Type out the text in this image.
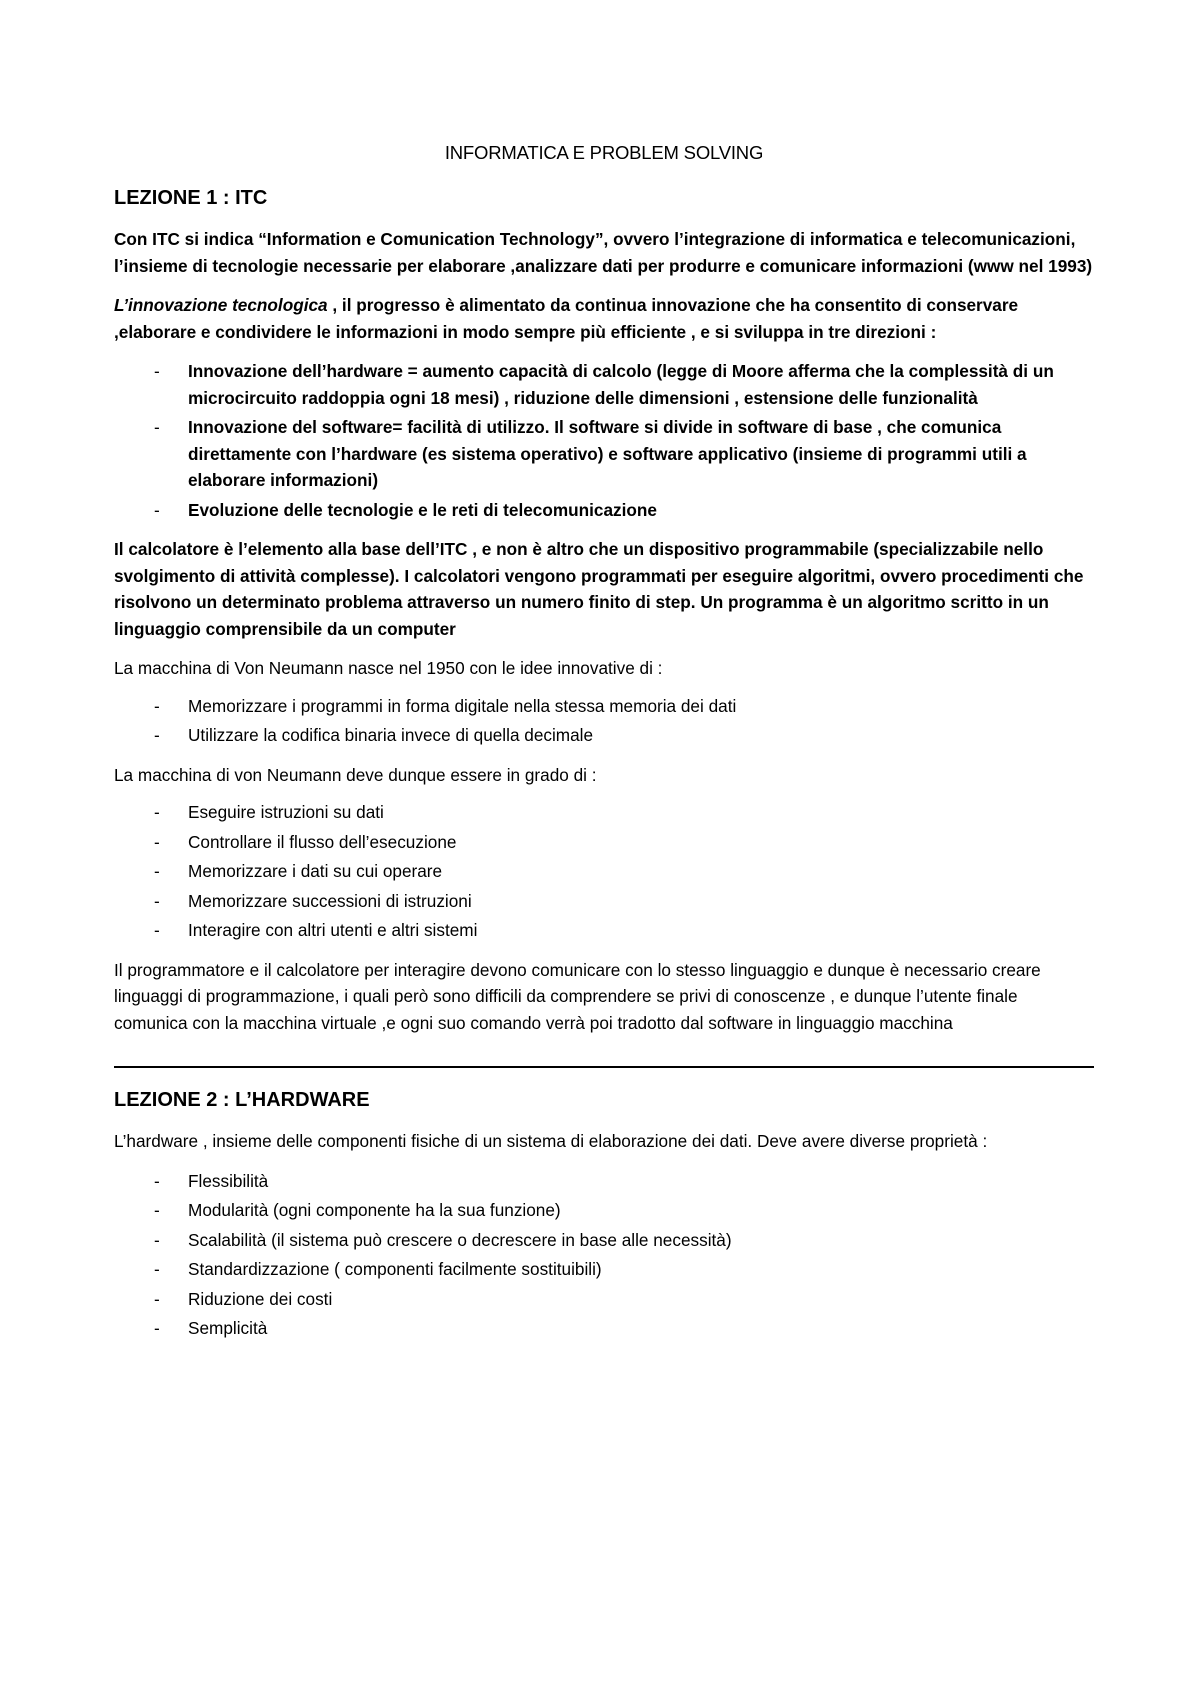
INFORMATICA E PROBLEM SOLVING
LEZIONE 1 : ITC

Con ITC si indica “Information e Comunication Technology”, ovvero l’integrazione di informatica e telecomunicazioni, l’insieme di tecnologie necessarie per elaborare ,analizzare dati per produrre e comunicare informazioni (www nel 1993)

L’innovazione tecnologica , il progresso è alimentato da continua innovazione che ha consentito di conservare ,elaborare e condividere le informazioni in modo sempre più efficiente , e si sviluppa in tre direzioni :

- Innovazione dell’hardware = aumento capacità di calcolo (legge di Moore afferma che la complessità di un microcircuito raddoppia ogni 18 mesi) , riduzione delle dimensioni , estensione delle funzionalità
- Innovazione del software= facilità di utilizzo. Il software si divide in software di base , che comunica direttamente con l’hardware (es sistema operativo) e software applicativo (insieme di programmi utili a elaborare informazioni)
- Evoluzione delle tecnologie e le reti di telecomunicazione

Il calcolatore è l’elemento alla base dell’ITC , e non è altro che un dispositivo programmabile (specializzabile nello svolgimento di attività complesse). I calcolatori vengono programmati per eseguire algoritmi, ovvero procedimenti che risolvono un determinato problema attraverso un numero finito di step. Un programma è un algoritmo scritto in un linguaggio comprensibile da un computer

La macchina di Von Neumann nasce nel 1950 con le idee innovative di :

- Memorizzare i programmi in forma digitale nella stessa memoria dei dati
- Utilizzare la codifica binaria invece di quella decimale

La macchina di von Neumann deve dunque essere in grado di :

- Eseguire istruzioni su dati
- Controllare il flusso dell’esecuzione
- Memorizzare i dati su cui operare
- Memorizzare successioni di istruzioni
- Interagire con altri utenti e altri sistemi

Il programmatore e il calcolatore per interagire devono comunicare con lo stesso linguaggio e dunque è necessario creare linguaggi di programmazione, i quali però sono difficili da comprendere se privi di conoscenze , e dunque l’utente finale comunica con la macchina virtuale ,e ogni suo comando verrà poi tradotto dal software in linguaggio macchina

LEZIONE 2 : L’HARDWARE

L’hardware , insieme delle componenti fisiche di un sistema di elaborazione dei dati. Deve avere diverse proprietà :

- Flessibilità
- Modularità (ogni componente ha la sua funzione)
- Scalabilità (il sistema può crescere o decrescere in base alle necessità)
- Standardizzazione ( componenti facilmente sostituibili)
- Riduzione dei costi
- Semplicità
